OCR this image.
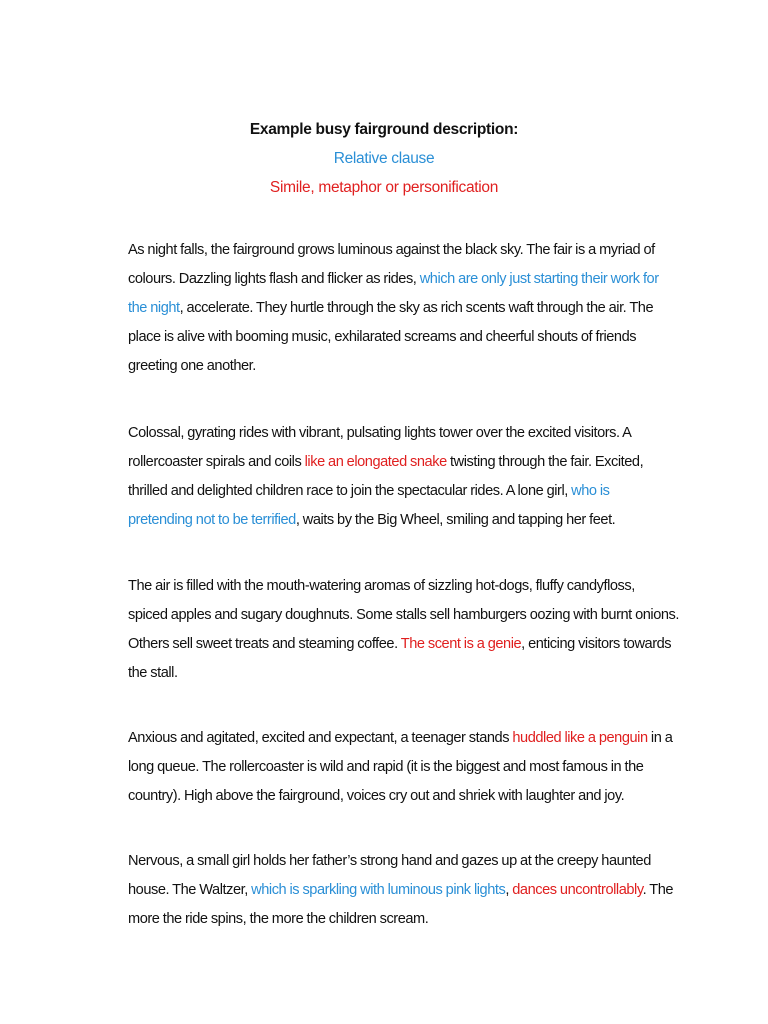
Example busy fairground description:
Relative clause
Simile, metaphor or personification
As night falls, the fairground grows luminous against the black sky. The fair is a myriad of
colours. Dazzling lights flash and flicker as rides, which are only just starting their work for
the night, accelerate. They hurtle through the sky as rich scents waft through the air. The
place is alive with booming music, exhilarated screams and cheerful shouts of friends
greeting one another.
Colossal, gyrating rides with vibrant, pulsating lights tower over the excited visitors. A
rollercoaster spirals and coils like an elongated snake twisting through the fair. Excited,
thrilled and delighted children race to join the spectacular rides. A lone girl, who is
pretending not to be terrified, waits by the Big Wheel, smiling and tapping her feet.
The air is filled with the mouth-watering aromas of sizzling hot-dogs, fluffy candyfloss,
spiced apples and sugary doughnuts. Some stalls sell hamburgers oozing with burnt onions.
Others sell sweet treats and steaming coffee. The scent is a genie, enticing visitors towards
the stall.
Anxious and agitated, excited and expectant, a teenager stands huddled like a penguin in a
long queue. The rollercoaster is wild and rapid (it is the biggest and most famous in the
country). High above the fairground, voices cry out and shriek with laughter and joy.
Nervous, a small girl holds her father’s strong hand and gazes up at the creepy haunted
house. The Waltzer, which is sparkling with luminous pink lights, dances uncontrollably. The
more the ride spins, the more the children scream.
